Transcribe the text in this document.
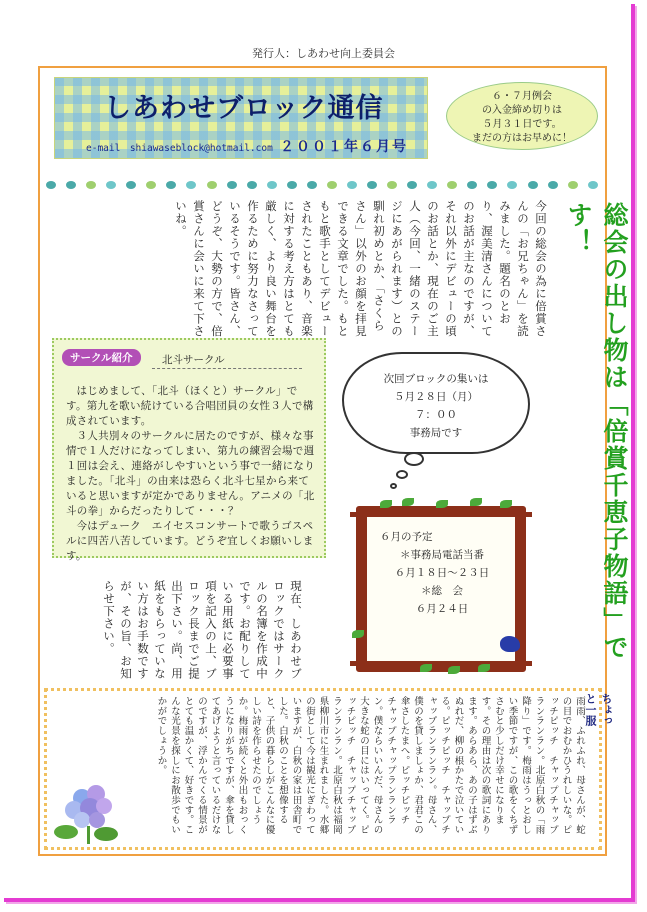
発行人：しあわせ向上委員会
しあわせブロック通信
e-mail　shiawaseblock@hotmail.com ２００１年６月号
６・７月例会
の入金締め切りは
５月３１日です。
まだの方はお早めに！
総会の出し物は「倍賞千恵子物語」です！
今回の総会の為に倍賞さんの「お兄ちゃん」を読みました。題名のとおり、渥美清さんについてのお話が主なのですが、それ以外にデビューの頃のお話とか、現在のご主人（今回、一緒のステージにあがられます）との馴れ初めとか、「さくらさん」以外のお顔を拝見できる文章でした。もともと歌手としてデビューされたこともあり、音楽に対する考え方はとても厳しく、より良い舞台を作るために努力なさっているそうです。皆さん、どうぞ、大勢の方で、倍賞さんに会いに来て下さいね。
サークル紹介	北斗サークル

はじめまして、「北斗（ほくと）サークル」です。第九を歌い続けている合唱団員の女性３人で構成されています。

３人共別々のサークルに居たのですが、様々な事情で１人だけになってしまい、第九の練習会場で週１回は会え、連絡がしやすいという事で一緒になりました。「北斗」の由来は恐らく北斗七星から来ていると思いますが定かでありません。アニメの「北斗の拳」からだったりして・・・？

今はデューク　エイセスコンサートで歌うゴスペルに四苦八苦しています。どうぞ宜しくお願いします。

次回ブロックの集いは
５月２８日（月）
７：００
事務局です
６月の予定
＊事務局電話当番
６月１８日～２３日
＊総　会
６月２４日
現在、しあわせブロックではサークルの名簿を作成中です。お配りしている用紙に必要事項を記入の上、ブロック長までご提出下さい。尚、用紙をもらっていない方はお手数ですが、その旨、お知らせ下さい。
ちょっと一服
雨雨、ふれふれ、母さんが、蛇の目でおむかひうれしいな。ピッチピッチ　チャップチャップランランラン。北原白秋の「雨降り」です。梅雨はうっとおしい季節ですが、この歌をくちずさむと少しだけ幸せになります。その理由は次の歌詞にあります。あらあら、あの子はずぶぬれだ、柳の根かたで泣いている。ピッチピッチ　チャップチャップランランラン。母さん、僕のを貸しましょか、君君この傘さしたまへ。ピッチピッチ　チャップチャップランランラン。僕ならいいんだ、母さんの大きな蛇の目にはいってく。ピッチピッチ　チャップチャップランランラン。北原白秋は福岡県柳川市に生まれました。水郷の街として今は観光にぎわっていますが、白秋の家は田舎町でした。白秋のことを想像すると、子供の暮らしがこんなに優しい詩を作らせたのでしょうか。梅雨が続くと外出もおっくうになりがちですが、傘を貸してあげようと言っているだけなのですが、浮かんでくる情景がとても温かくて、好きです。こんな光景を探しにお散歩でもいかがでしょうか。
